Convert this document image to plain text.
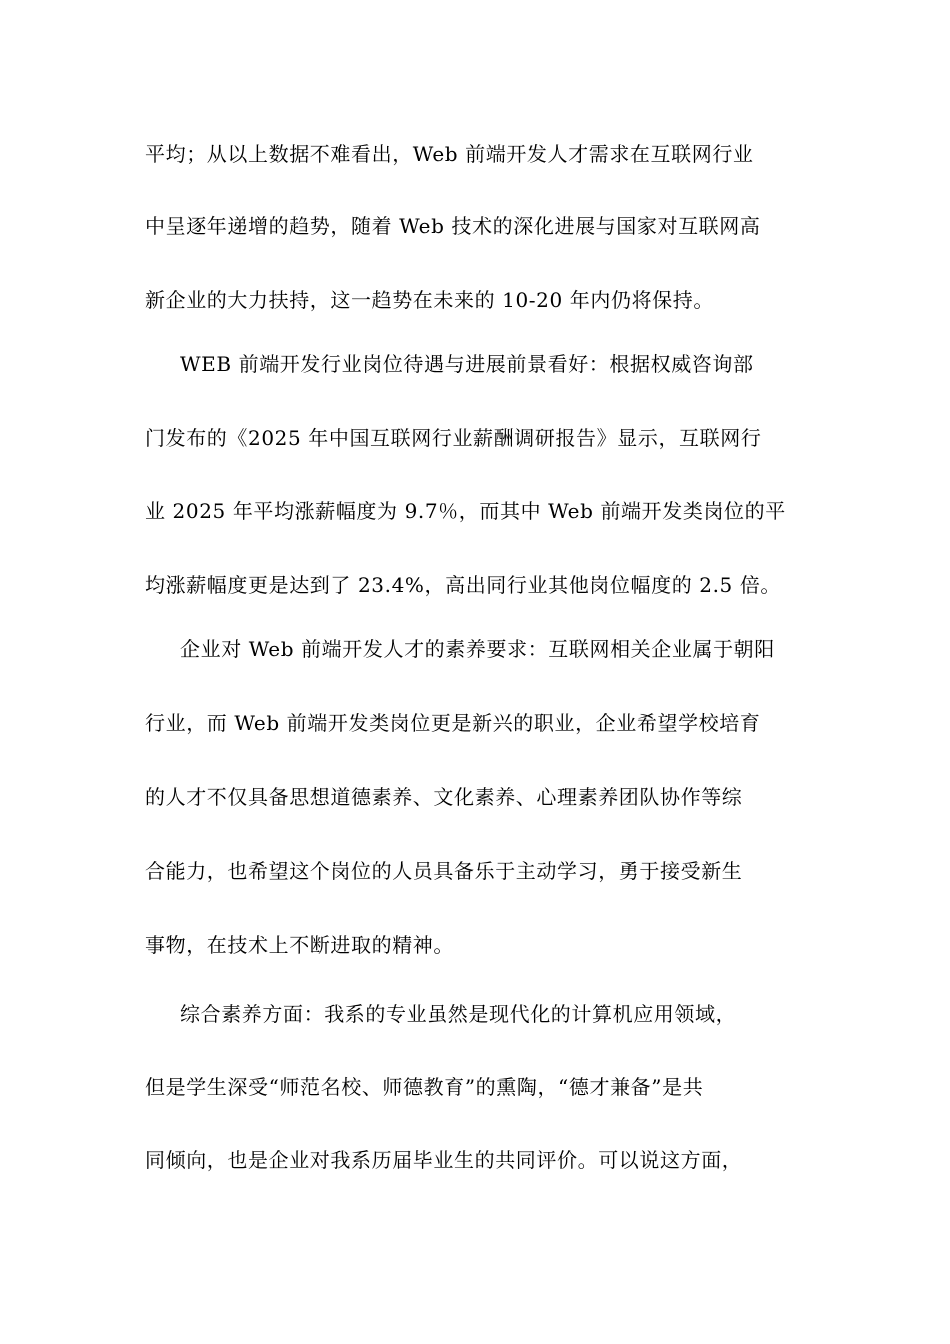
平均；从以上数据不难看出，Web 前端开发人才需求在互联网行业
中呈逐年递增的趋势，随着 Web 技术的深化进展与国家对互联网高
新企业的大力扶持，这一趋势在未来的 10-20 年内仍将保持。
WEB 前端开发行业岗位待遇与进展前景看好：根据权威咨询部
门发布的《2025 年中国互联网行业薪酬调研报告》显示，互联网行
业 2025 年平均涨薪幅度为 9.7％，而其中 Web 前端开发类岗位的平
均涨薪幅度更是达到了 23.4%，高出同行业其他岗位幅度的 2.5 倍。
企业对 Web 前端开发人才的素养要求：互联网相关企业属于朝阳
行业，而 Web 前端开发类岗位更是新兴的职业，企业希望学校培育
的人才不仅具备思想道德素养、文化素养、心理素养团队协作等综
合能力，也希望这个岗位的人员具备乐于主动学习，勇于接受新生
事物，在技术上不断进取的精神。
综合素养方面：我系的专业虽然是现代化的计算机应用领域，
但是学生深受“师范名校、师德教育”的熏陶，“德才兼备”是共
同倾向，也是企业对我系历届毕业生的共同评价。可以说这方面，
